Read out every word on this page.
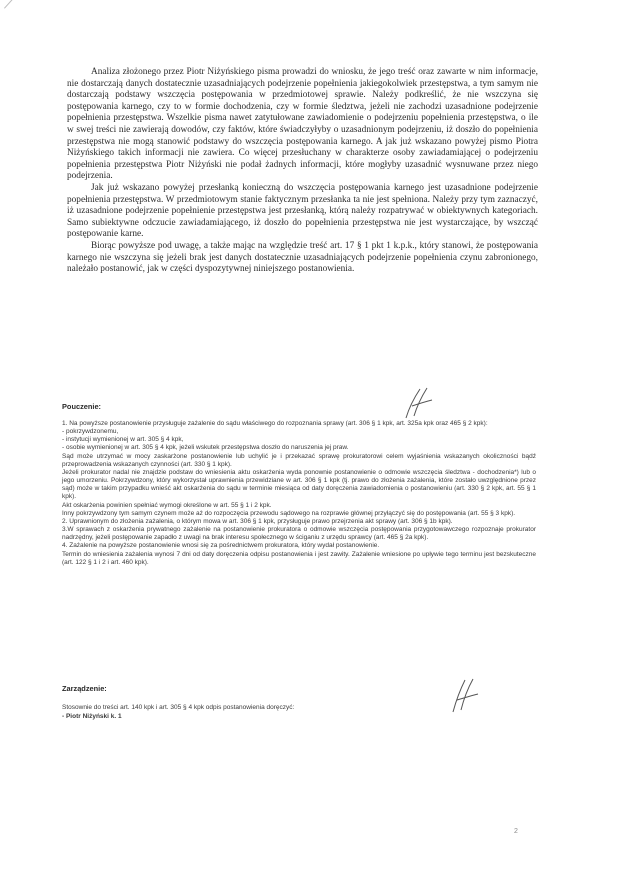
Analiza złożonego przez Piotr Niżyńskiego pisma prowadzi do wniosku, że jego treść oraz zawarte w nim informacje, nie dostarczają danych dostatecznie uzasadniających podejrzenie popełnienia jakiegokolwiek przestępstwa, a tym samym nie dostarczają podstawy wszczęcia postępowania w przedmiotowej sprawie. Należy podkreślić, że nie wszczyna się postępowania karnego, czy to w formie dochodzenia, czy w formie śledztwa, jeżeli nie zachodzi uzasadnione podejrzenie popełnienia przestępstwa. Wszelkie pisma nawet zatytułowane zawiadomienie o podejrzeniu popełnienia przestępstwa, o ile w swej treści nie zawierają dowodów, czy faktów, które świadczyłyby o uzasadnionym podejrzeniu, iż doszło do popełnienia przestępstwa nie mogą stanowić podstawy do wszczęcia postępowania karnego. A jak już wskazano powyżej pismo Piotra Niżyńskiego takich informacji nie zawiera. Co więcej przesłuchany w charakterze osoby zawiadamiającej o podejrzeniu popełnienia przestępstwa Piotr Niżyński nie podał żadnych informacji, które mogłyby uzasadnić wysnuwane przez niego podejrzenia.

Jak już wskazano powyżej przesłanką konieczną do wszczęcia postępowania karnego jest uzasadnione podejrzenie popełnienia przestępstwa. W przedmiotowym stanie faktycznym przesłanka ta nie jest spełniona. Należy przy tym zaznaczyć, iż uzasadnione podejrzenie popełnienie przestępstwa jest przesłanką, którą należy rozpatrywać w obiektywnych kategoriach. Samo subiektywne odczucie zawiadamiającego, iż doszło do popełnienia przestępstwa nie jest wystarczające, by wszcząć postępowanie karne.

Biorąc powyższe pod uwagę, a także mając na względzie treść art. 17 § 1 pkt 1 k.p.k., który stanowi, że postępowania karnego nie wszczyna się jeżeli brak jest danych dostatecznie uzasadniających podejrzenie popełnienia czynu zabronionego, należało postanowić, jak w części dyspozytywnej niniejszego postanowienia.

Pouczenie:
1. Na powyższe postanowienie przysługuje zażalenie do sądu właściwego do rozpoznania sprawy (art. 306 § 1 kpk, art. 325a kpk oraz 465 § 2 kpk):
- pokrzywdzonemu,
- instytucji wymienionej w art. 305 § 4 kpk,
- osobie wymienionej w art. 305 § 4 kpk, jeżeli wskutek przestępstwa doszło do naruszenia jej praw.
Sąd może utrzymać w mocy zaskarżone postanowienie lub uchylić je i przekazać sprawę prokuratorowi celem wyjaśnienia wskazanych okoliczności bądź przeprowadzenia wskazanych czynności (art. 330 § 1 kpk).
Jeżeli prokurator nadal nie znajdzie podstaw do wniesienia aktu oskarżenia wyda ponownie postanowienie o odmowie wszczęcia śledztwa - dochodzenia*) lub o jego umorzeniu. Pokrzywdzony, który wykorzystał uprawnienia przewidziane w art. 306 § 1 kpk (tj. prawo do złożenia zażalenia, które zostało uwzględnione przez sąd) może w takim przypadku wnieść akt oskarżenia do sądu w terminie miesiąca od daty doręczenia zawiadomienia o postanowieniu (art. 330 § 2 kpk, art. 55 § 1 kpk).
Akt oskarżenia powinien spełniać wymogi określone w art. 55 § 1 i 2 kpk.
Inny pokrzywdzony tym samym czynem może aż do rozpoczęcia przewodu sądowego na rozprawie głównej przyłączyć się do postępowania (art. 55 § 3 kpk).
2. Uprawnionym do złożenia zażalenia, o którym mowa w art. 306 § 1 kpk, przysługuje prawo przejrzenia akt sprawy (art. 306 § 1b kpk).
3.W sprawach z oskarżenia prywatnego zażalenie na postanowienie prokuratora o odmowie wszczęcia postępowania przygotowawczego rozpoznaje prokurator nadrzędny, jeżeli postępowanie zapadło z uwagi na brak interesu społecznego w ściganiu z urzędu sprawcy (art. 465 § 2a kpk).
4. Zażalenie na powyższe postanowienie wnosi się za pośrednictwem prokuratora, który wydał postanowienie.
Termin do wniesienia zażalenia wynosi 7 dni od daty doręczenia odpisu postanowienia i jest zawity. Zażalenie wniesione po upływie tego terminu jest bezskuteczne (art. 122 § 1 i 2 i art. 460 kpk).
Zarządzenie:
Stosownie do treści art. 140 kpk i art. 305 § 4 kpk odpis postanowienia doręczyć:
- Piotr Niżyński k. 1
2
